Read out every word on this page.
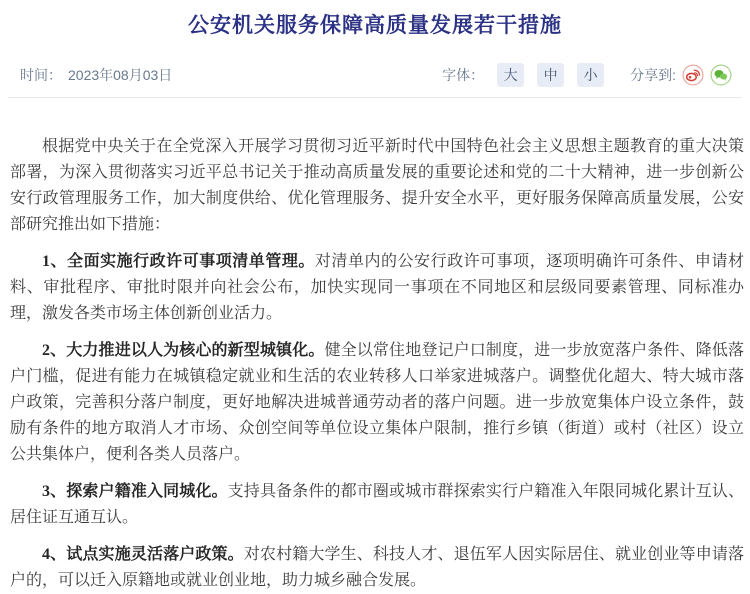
公安机关服务保障高质量发展若干措施
时间： 2023年08月03日	字体：	大	中	小	分享到:

根据党中央关于在全党深入开展学习贯彻习近平新时代中国特色社会主义思想主题教育的重大决策部署，为深入贯彻落实习近平总书记关于推动高质量发展的重要论述和党的二十大精神，进一步创新公安行政管理服务工作，加大制度供给、优化管理服务、提升安全水平，更好服务保障高质量发展，公安部研究推出如下措施：

1、全面实施行政许可事项清单管理。对清单内的公安行政许可事项，逐项明确许可条件、申请材料、审批程序、审批时限并向社会公布，加快实现同一事项在不同地区和层级同要素管理、同标准办理，激发各类市场主体创新创业活力。

2、大力推进以人为核心的新型城镇化。健全以常住地登记户口制度，进一步放宽落户条件、降低落户门槛，促进有能力在城镇稳定就业和生活的农业转移人口举家进城落户。调整优化超大、特大城市落户政策，完善积分落户制度，更好地解决进城普通劳动者的落户问题。进一步放宽集体户设立条件，鼓励有条件的地方取消人才市场、众创空间等单位设立集体户限制，推行乡镇（街道）或村（社区）设立公共集体户，便利各类人员落户。

3、探索户籍准入同城化。支持具备条件的都市圈或城市群探索实行户籍准入年限同城化累计互认、居住证互通互认。

4、试点实施灵活落户政策。对农村籍大学生、科技人才、退伍军人因实际居住、就业创业等申请落户的，可以迁入原籍地或就业创业地，助力城乡融合发展。
